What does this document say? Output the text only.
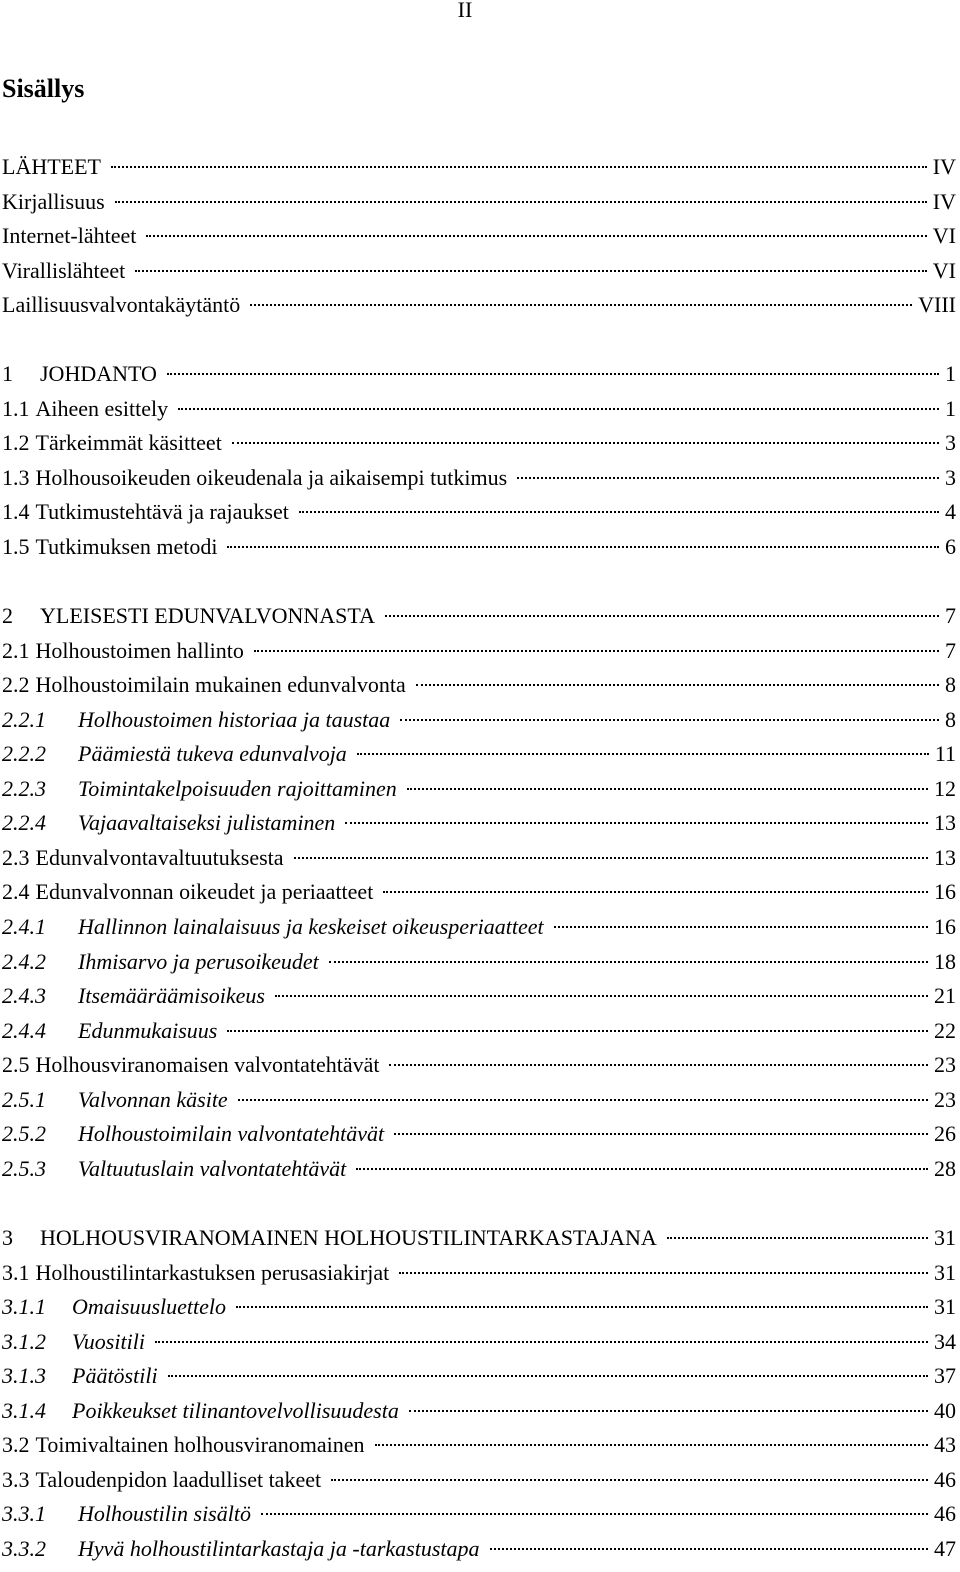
II
Sisällys
LÄHTEET	IV
Kirjallisuus	IV
Internet-lähteet	VI
Virallislähteet	VI
Laillisuusvalvontakäytäntö	VIII
1	JOHDANTO	1
1.1 Aiheen esittely	1
1.2 Tärkeimmät käsitteet	3
1.3 Holhousoikeuden oikeudenala ja aikaisempi tutkimus	3
1.4 Tutkimustehtävä ja rajaukset	4
1.5 Tutkimuksen metodi	6
2	YLEISESTI EDUNVALVONNASTA	7
2.1 Holhoustoimen hallinto	7
2.2 Holhoustoimilain mukainen edunvalvonta	8
2.2.1	Holhoustoimen historiaa ja taustaa	8
2.2.2	Päämiestä tukeva edunvalvoja	11
2.2.3	Toimintakelpoisuuden rajoittaminen	12
2.2.4	Vajaavaltaiseksi julistaminen	13
2.3 Edunvalvontavaltuutuksesta	13
2.4 Edunvalvonnan oikeudet ja periaatteet	16
2.4.1	Hallinnon lainalaisuus ja keskeiset oikeusperiaatteet	16
2.4.2	Ihmisarvo ja perusoikeudet	18
2.4.3	Itsemääräämisoikeus	21
2.4.4	Edunmukaisuus	22
2.5 Holhousviranomaisen valvontatehtävät	23
2.5.1	Valvonnan käsite	23
2.5.2	Holhoustoimilain valvontatehtävät	26
2.5.3	Valtuutuslain valvontatehtävät	28
3	HOLHOUSVIRANOMAINEN HOLHOUSTILINTARKASTAJANA	31
3.1 Holhoustilintarkastuksen perusasiakirjat	31
3.1.1	Omaisuusluettelo	31
3.1.2	Vuositili	34
3.1.3	Päätöstili	37
3.1.4	Poikkeukset tilinantovelvollisuudesta	40
3.2 Toimivaltainen holhousviranomainen	43
3.3 Taloudenpidon laadulliset takeet	46
3.3.1	Holhoustilin sisältö	46
3.3.2	Hyvä holhoustilintarkastaja ja -tarkastustapa	47
